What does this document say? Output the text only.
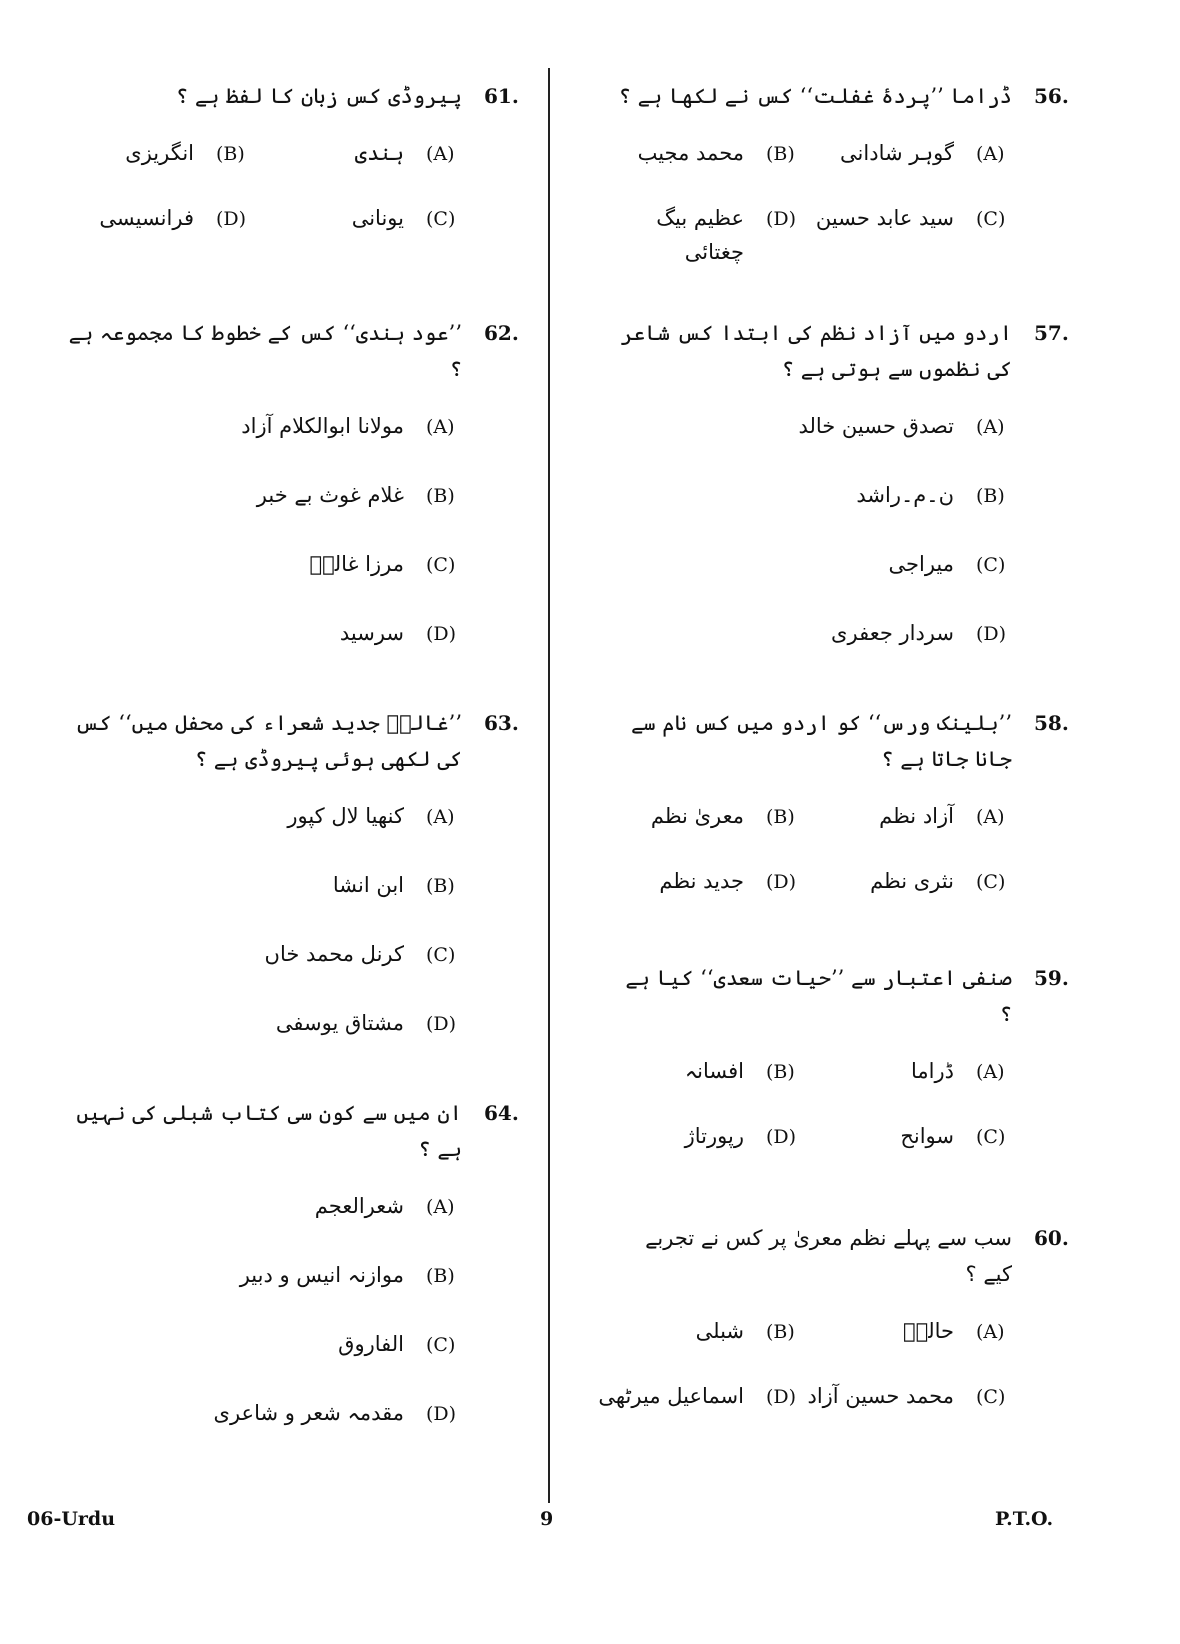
56.
ڈراما ’’پردۂ غفلت‘‘ کس نے لکھا ہے ؟
(A)
گوہر شادانی
(B)
محمد مجیب
(C)
سید عابد حسین
(D)
عظیم بیگ چغتائی
57.
اردو میں آزاد نظم کی ابتدا کس شاعر کی نظموں سے ہوتی ہے ؟
(A)
تصدق حسین خالد
(B)
ن۔م۔راشد
(C)
میراجی
(D)
سردار جعفری
58.
’’بلینک ورس‘‘ کو اردو میں کس نام سے جانا جاتا ہے ؟
(A)
آزاد نظم
(B)
معریٰ نظم
(C)
نثری نظم
(D)
جدید نظم
59.
صنفی اعتبار سے ’’حیات سعدی‘‘ کیا ہے ؟
(A)
ڈراما
(B)
افسانہ
(C)
سوانح
(D)
رپورتاژ
60.
سب سے پہلے نظم معریٰ پر کس نے تجربے کیے ؟
(A)
حالیؔ
(B)
شبلی
(C)
محمد حسین آزاد
(D)
اسماعیل میرٹھی
61.
پیروڈی کس زبان کا لفظ ہے ؟
(A)
ہندی
(B)
انگریزی
(C)
یونانی
(D)
فرانسیسی
62.
’’عود ہندی‘‘ کس کے خطوط کا مجموعہ ہے ؟
(A)
مولانا ابوالکلام آزاد
(B)
غلام غوث بے خبر
(C)
مرزا غالبؔ
(D)
سرسید
63.
’’غالبؔ جدید شعراء کی محفل میں‘‘ کس کی لکھی ہوئی پیروڈی ہے ؟
(A)
کنھیا لال کپور
(B)
ابن انشا
(C)
کرنل محمد خاں
(D)
مشتاق یوسفی
64.
ان میں سے کون سی کتاب شبلی کی نہیں ہے ؟
(A)
شعرالعجم
(B)
موازنہ انیس و دبیر
(C)
الفاروق
(D)
مقدمہ شعر و شاعری
06-Urdu	9	P.T.O.
